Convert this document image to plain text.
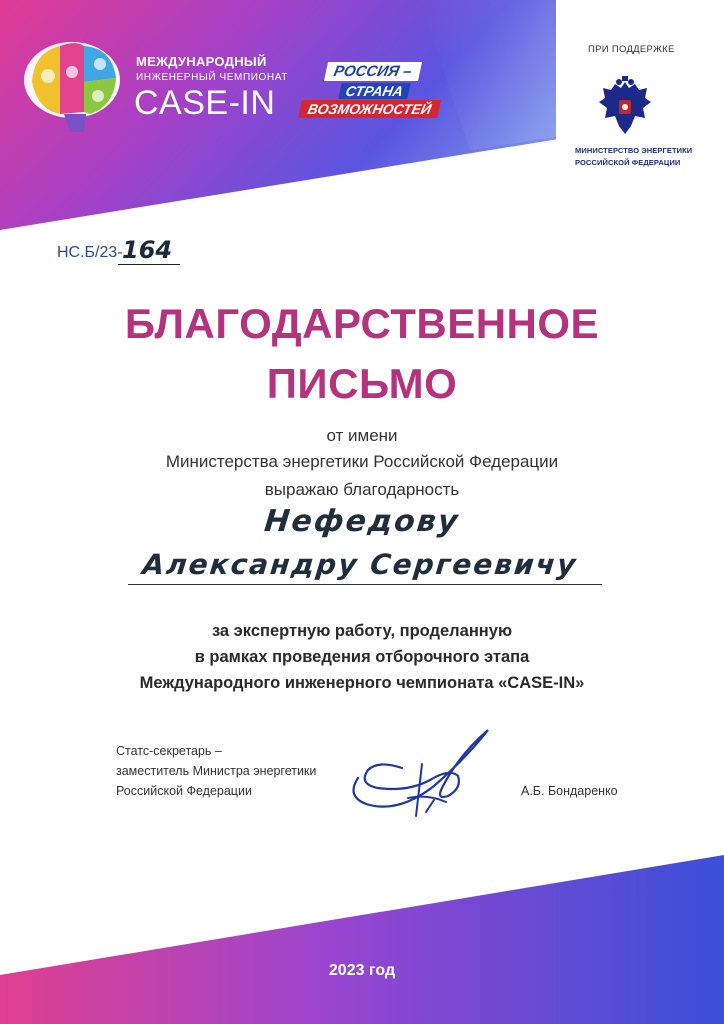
МЕЖДУНАРОДНЫЙ
ИНЖЕНЕРНЫЙ ЧЕМПИОНАТ
CASE-IN
РОССИЯ –
СТРАНА
ВОЗМОЖНОСТЕЙ
ПРИ ПОДДЕРЖКЕ
МИНИСТЕРСТВО ЭНЕРГЕТИКИ
РОССИЙСКОЙ ФЕДЕРАЦИИ
НС.Б/23- 164
БЛАГОДАРСТВЕННОЕ
ПИСЬМО
от имени
Министерства энергетики Российской Федерации
выражаю благодарность
Нефедову
Александру Сергеевичу
за экспертную работу, проделанную
в рамках проведения отборочного этапа
Международного инженерного чемпионата «CASE-IN»
Статс-секретарь –
заместитель Министра энергетики
Российской Федерации	А.Б. Бондаренко
2023 год
